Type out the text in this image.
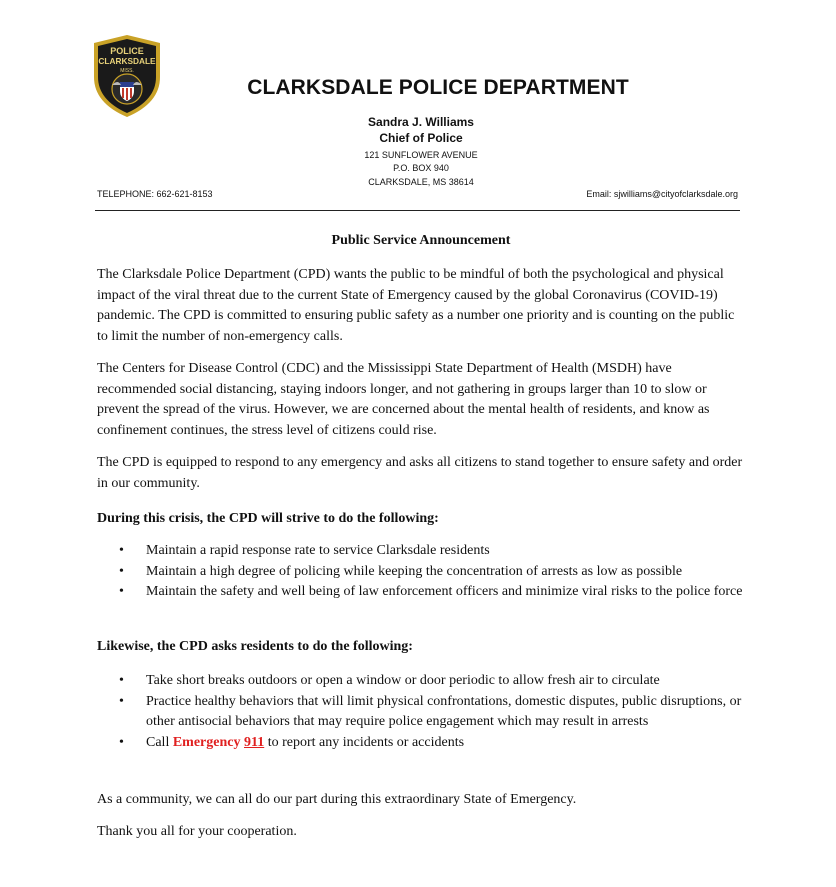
POLICE
CLARKSDALE
MISS.
CLARKSDALE POLICE DEPARTMENT
Sandra J. Williams
Chief of Police
121 SUNFLOWER AVENUE
P.O. BOX 940
CLARKSDALE, MS 38614
TELEPHONE: 662-621-8153	Email: sjwilliams@cityofclarksdale.org
Public Service Announcement

The Clarksdale Police Department (CPD) wants the public to be mindful of both the psychological and physical impact of the viral threat due to the current State of Emergency caused by the global Coronavirus (COVID-19) pandemic. The CPD is committed to ensuring public safety as a number one priority and is counting on the public to limit the number of non-emergency calls.

The Centers for Disease Control (CDC) and the Mississippi State Department of Health (MSDH) have recommended social distancing, staying indoors longer, and not gathering in groups larger than 10 to slow or prevent the spread of the virus. However, we are concerned about the mental health of residents, and know as confinement continues, the stress level of citizens could rise.

The CPD is equipped to respond to any emergency and asks all citizens to stand together to ensure safety and order in our community.

During this crisis, the CPD will strive to do the following:

• Maintain a rapid response rate to service Clarksdale residents
• Maintain a high degree of policing while keeping the concentration of arrests as low as possible
• Maintain the safety and well being of law enforcement officers and minimize viral risks to the police force

Likewise, the CPD asks residents to do the following:

• Take short breaks outdoors or open a window or door periodic to allow fresh air to circulate
• Practice healthy behaviors that will limit physical confrontations, domestic disputes, public disruptions, or other antisocial behaviors that may require police engagement which may result in arrests
• Call Emergency 911 to report any incidents or accidents

As a community, we can all do our part during this extraordinary State of Emergency.

Thank you all for your cooperation.
